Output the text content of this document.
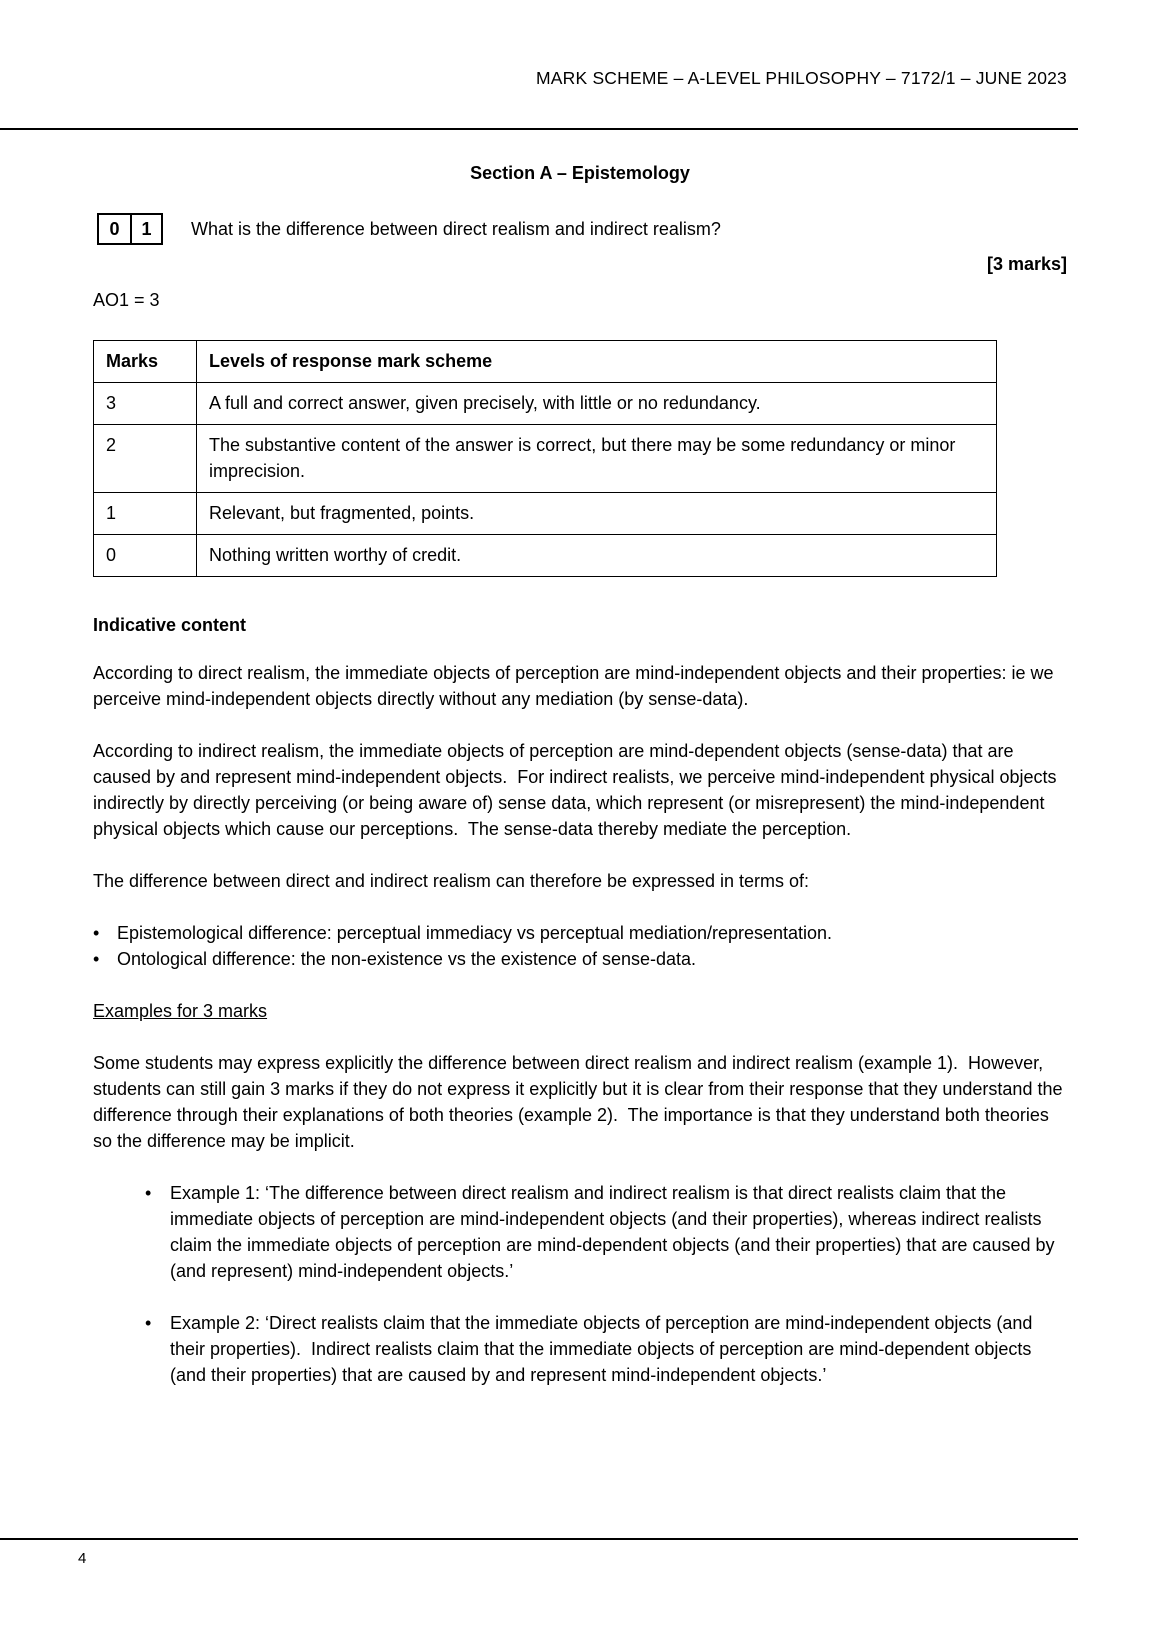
MARK SCHEME – A-LEVEL PHILOSOPHY – 7172/1 – JUNE 2023
Section A – Epistemology
0	1	What is the difference between direct realism and indirect realism?
[3 marks]
AO1 = 3
Marks	Levels of response mark scheme
3	A full and correct answer, given precisely, with little or no redundancy.
2	The substantive content of the answer is correct, but there may be some redundancy or minor imprecision.
1	Relevant, but fragmented, points.
0	Nothing written worthy of credit.
Indicative content

According to direct realism, the immediate objects of perception are mind-independent objects and their properties: ie we perceive mind-independent objects directly without any mediation (by sense-data).

According to indirect realism, the immediate objects of perception are mind-dependent objects (sense-data) that are caused by and represent mind-independent objects.  For indirect realists, we perceive mind-independent physical objects indirectly by directly perceiving (or being aware of) sense data, which represent (or misrepresent) the mind-independent physical objects which cause our perceptions.  The sense-data thereby mediate the perception.

The difference between direct and indirect realism can therefore be expressed in terms of:

•
Epistemological difference: perceptual immediacy vs perceptual mediation/representation.
•
Ontological difference: the non-existence vs the existence of sense-data.
Examples for 3 marks

Some students may express explicitly the difference between direct realism and indirect realism (example 1).  However, students can still gain 3 marks if they do not express it explicitly but it is clear from their response that they understand the difference through their explanations of both theories (example 2).  The importance is that they understand both theories so the difference may be implicit.

•
Example 1: ‘The difference between direct realism and indirect realism is that direct realists claim that the immediate objects of perception are mind-independent objects (and their properties), whereas indirect realists claim the immediate objects of perception are mind-dependent objects (and their properties) that are caused by (and represent) mind-independent objects.’
•
Example 2: ‘Direct realists claim that the immediate objects of perception are mind-independent objects (and their properties).  Indirect realists claim that the immediate objects of perception are mind-dependent objects (and their properties) that are caused by and represent mind-independent objects.’
4
